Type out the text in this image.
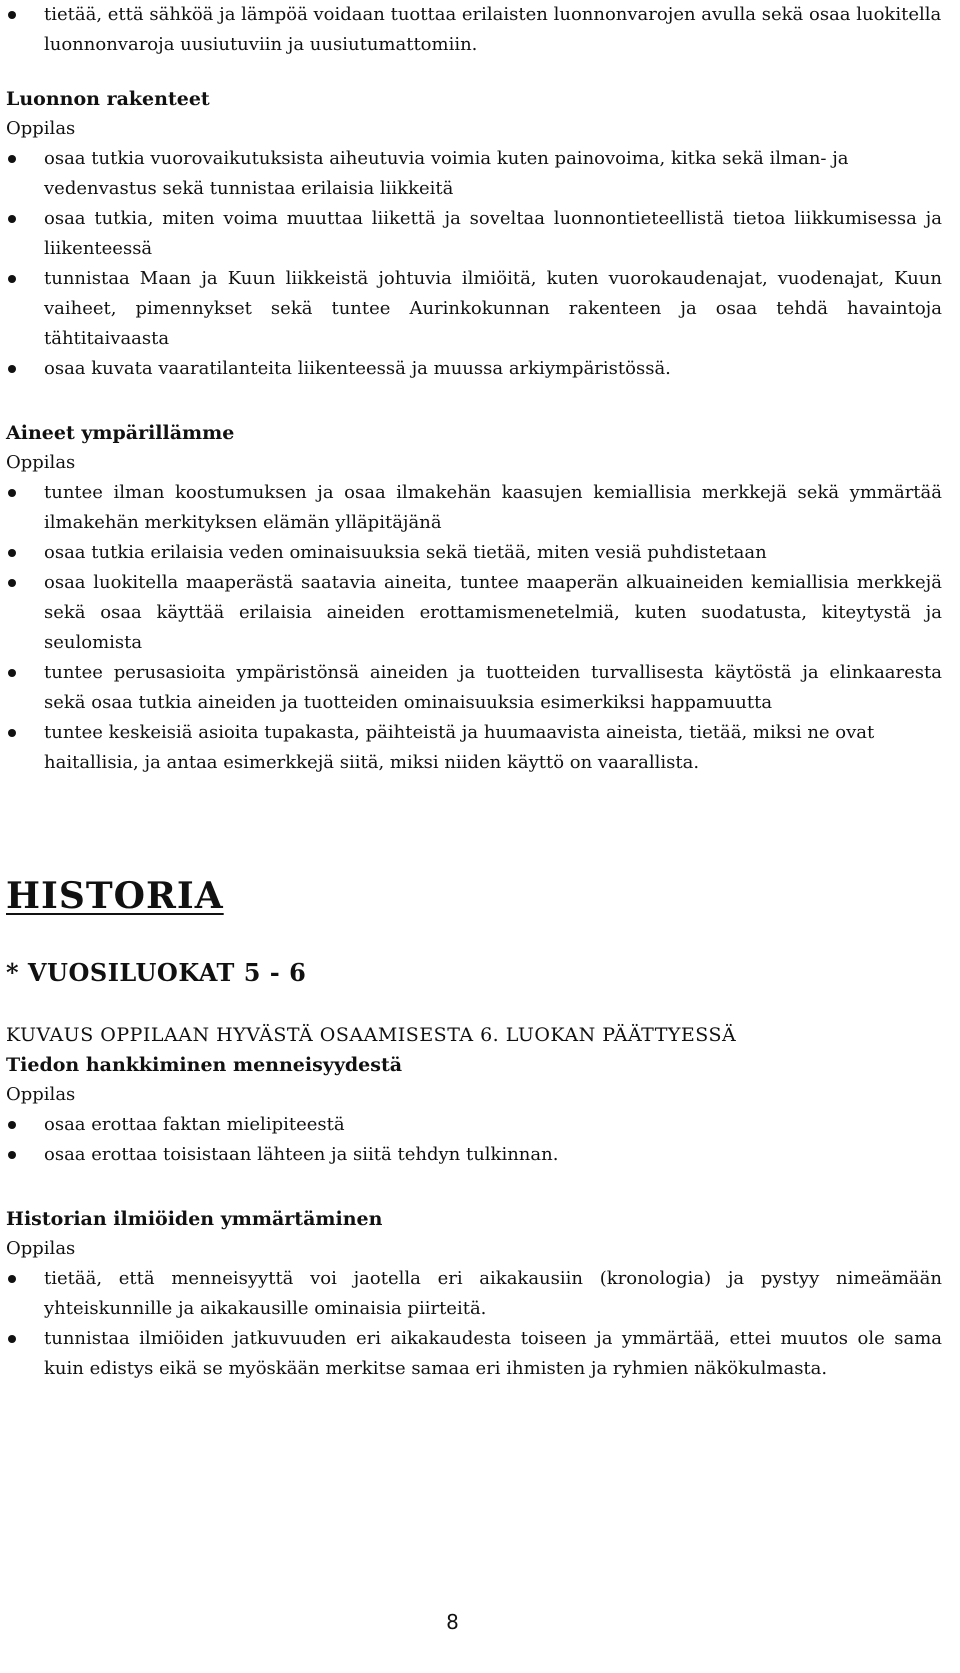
tietää, että sähköä ja lämpöä voidaan tuottaa erilaisten luonnonvarojen avulla sekä osaa luokitella luonnonvaroja uusiutuviin ja uusiutumattomiin.
Luonnon rakenteet
Oppilas
osaa tutkia vuorovaikutuksista aiheutuvia voimia kuten painovoima, kitka sekä ilman- ja vedenvastus sekä tunnistaa erilaisia liikkeitä
osaa tutkia, miten voima muuttaa liikettä ja soveltaa luonnontieteellistä tietoa liikkumisessa ja liikenteessä
tunnistaa Maan ja Kuun liikkeistä johtuvia ilmiöitä, kuten vuorokaudenajat, vuodenajat, Kuun vaiheet, pimennykset sekä tuntee Aurinkokunnan rakenteen ja osaa tehdä havaintoja tähtitaivaasta
osaa kuvata vaaratilanteita liikenteessä ja muussa arkiympäristössä.
Aineet ympärillämme
Oppilas
tuntee ilman koostumuksen ja osaa ilmakehän kaasujen kemiallisia merkkejä sekä ymmärtää ilmakehän merkityksen elämän ylläpitäjänä
osaa tutkia erilaisia veden ominaisuuksia sekä tietää, miten vesiä puhdistetaan
osaa luokitella maaperästä saatavia aineita, tuntee maaperän alkuaineiden kemiallisia merkkejä sekä osaa käyttää erilaisia aineiden erottamismenetelmiä, kuten suodatusta, kiteytystä ja seulomista
tuntee perusasioita ympäristönsä aineiden ja tuotteiden turvallisesta käytöstä ja elinkaaresta sekä osaa tutkia aineiden ja tuotteiden ominaisuuksia esimerkiksi happamuutta
tuntee keskeisiä asioita tupakasta, päihteistä ja huumaavista aineista, tietää, miksi ne ovat haitallisia, ja antaa esimerkkejä siitä, miksi niiden käyttö on vaarallista.
HISTORIA
* VUOSILUOKAT 5 - 6
KUVAUS OPPILAAN HYVÄSTÄ OSAAMISESTA 6. LUOKAN PÄÄTTYESSÄ
Tiedon hankkiminen menneisyydestä
Oppilas
osaa erottaa faktan mielipiteestä
osaa erottaa toisistaan lähteen ja siitä tehdyn tulkinnan.
Historian ilmiöiden ymmärtäminen
Oppilas
tietää, että menneisyyttä voi jaotella eri aikakausiin (kronologia) ja pystyy nimeämään yhteiskunnille ja aikakausille ominaisia piirteitä.
tunnistaa ilmiöiden jatkuvuuden eri aikakaudesta toiseen ja ymmärtää, ettei muutos ole sama kuin edistys eikä se myöskään merkitse samaa eri ihmisten ja ryhmien näkökulmasta.
8
